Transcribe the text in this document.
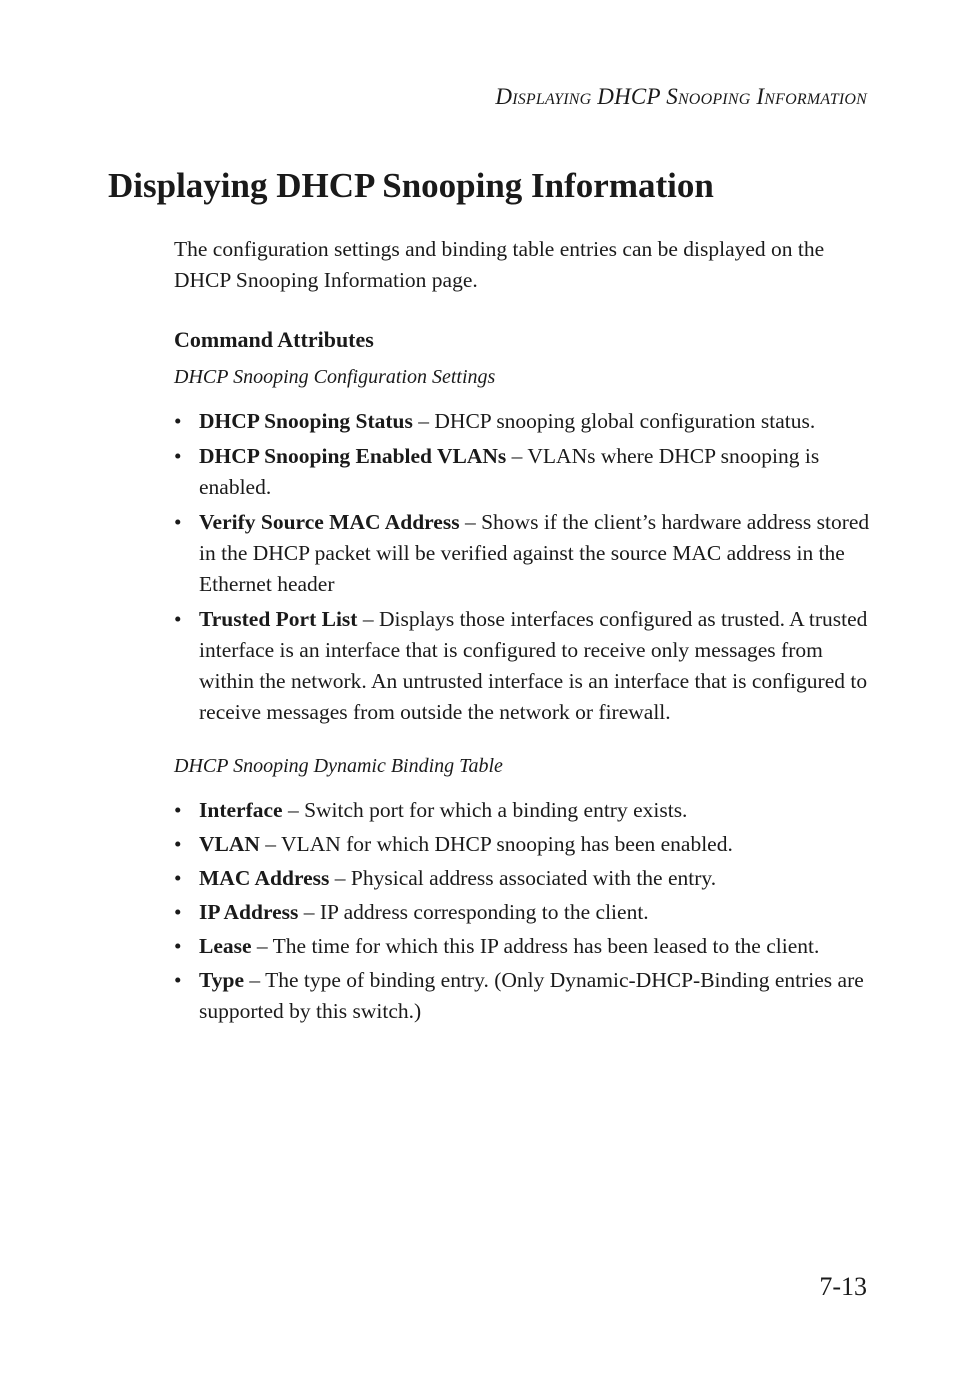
Displaying DHCP Snooping Information
Displaying DHCP Snooping Information

The configuration settings and binding table entries can be displayed on the DHCP Snooping Information page.

Command Attributes
DHCP Snooping Configuration Settings
• DHCP Snooping Status – DHCP snooping global configuration status.
• DHCP Snooping Enabled VLANs – VLANs where DHCP snooping is enabled.
• Verify Source MAC Address – Shows if the client’s hardware address stored in the DHCP packet will be verified against the source MAC address in the Ethernet header
• Trusted Port List – Displays those interfaces configured as trusted. A trusted interface is an interface that is configured to receive only messages from within the network. An untrusted interface is an interface that is configured to receive messages from outside the network or firewall.
DHCP Snooping Dynamic Binding Table
• Interface – Switch port for which a binding entry exists.
• VLAN – VLAN for which DHCP snooping has been enabled.
• MAC Address – Physical address associated with the entry.
• IP Address – IP address corresponding to the client.
• Lease – The time for which this IP address has been leased to the client.
• Type – The type of binding entry. (Only Dynamic-DHCP-Binding entries are supported by this switch.)
7-13
